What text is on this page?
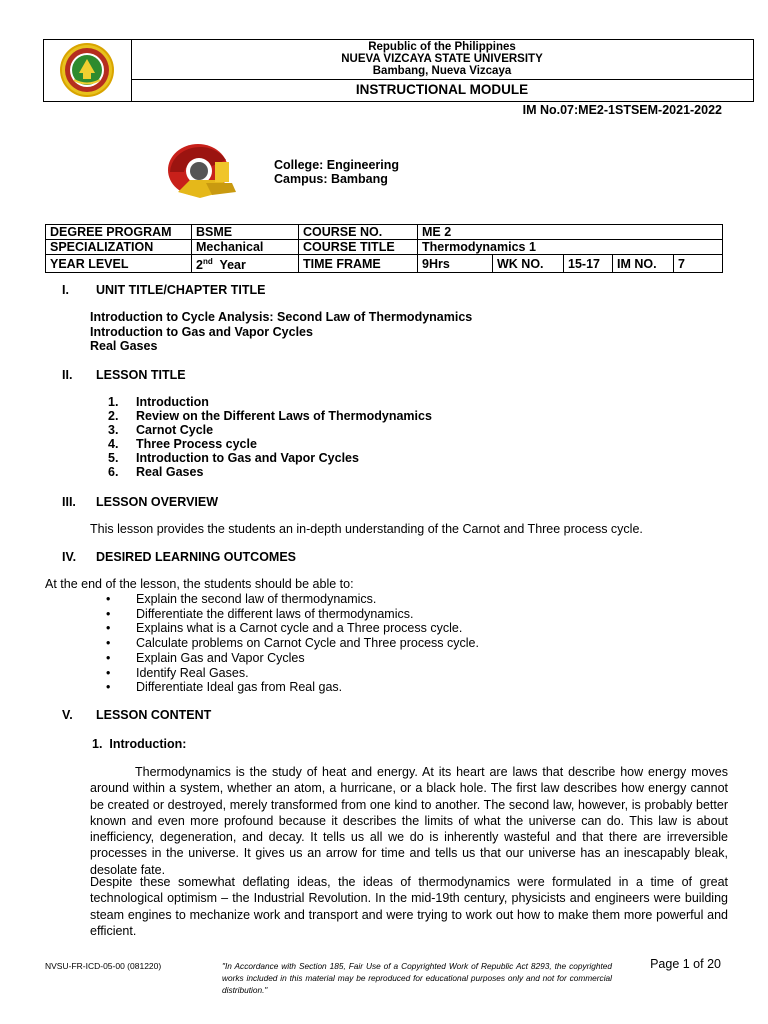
Republic of the Philippines
NUEVA VIZCAYA STATE UNIVERSITY
Bambang, Nueva Vizcaya
INSTRUCTIONAL MODULE
IM No.07:ME2-1STSEM-2021-2022
College: Engineering
Campus: Bambang
DEGREE PROGRAM	BSME	COURSE NO.	ME 2				
SPECIALIZATION	Mechanical	COURSE TITLE	Thermodynamics 1				
YEAR LEVEL	2nd  Year	TIME FRAME	9Hrs	WK NO.	15-17	IM NO.	7
I. UNIT TITLE/CHAPTER TITLE
Introduction to Cycle Analysis: Second Law of Thermodynamics
Introduction to Gas and Vapor Cycles
Real Gases
II. LESSON TITLE
1. Introduction
2. Review on the Different Laws of Thermodynamics
3. Carnot Cycle
4. Three Process cycle
5. Introduction to Gas and Vapor Cycles
6. Real Gases
III. LESSON OVERVIEW
This lesson provides the students an in-depth understanding of the Carnot and Three process cycle.
IV. DESIRED LEARNING OUTCOMES
At the end of the lesson, the students should be able to:
• Explain the second law of thermodynamics.
• Differentiate the different laws of thermodynamics.
• Explains what is a Carnot cycle and a Three process cycle.
• Calculate problems on Carnot Cycle and Three process cycle.
• Explain Gas and Vapor Cycles
• Identify Real Gases.
• Differentiate Ideal gas from Real gas.
V. LESSON CONTENT
1.  Introduction:
Thermodynamics is the study of heat and energy. At its heart are laws that describe how energy moves around within a system, whether an atom, a hurricane, or a black hole. The first law describes how energy cannot be created or destroyed, merely transformed from one kind to another. The second law, however, is probably better known and even more profound because it describes the limits of what the universe can do. This law is about inefficiency, degeneration, and decay. It tells us all we do is inherently wasteful and that there are irreversible processes in the universe. It gives us an arrow for time and tells us that our universe has an inescapably bleak, desolate fate.
Despite these somewhat deflating ideas, the ideas of thermodynamics were formulated in a time of great technological optimism – the Industrial Revolution. In the mid-19th century, physicists and engineers were building steam engines to mechanize work and transport and were trying to work out how to make them more powerful and efficient.
NVSU-FR-ICD-05-00 (081220)	"In Accordance with Section 185, Fair Use of a Copyrighted Work of Republic Act 8293, the copyrighted works included in this material may be reproduced for educational purposes only and not for commercial distribution."
Page 1 of 20
